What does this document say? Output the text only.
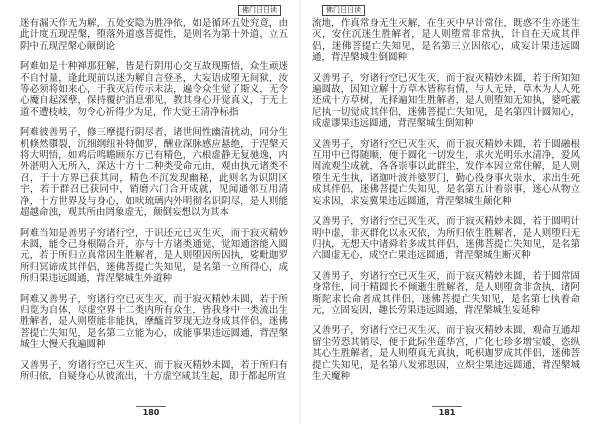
佛门日日读

迷有漏天作无为解，五处安隐为胜净依，如是循环五处究竟，由此计度五现涅槃，堕落外道惑菩提性，是则名为第十外道，立五阴中五现涅槃心颠倒论

阿难如是十种禅那狂解，皆是行阴用心交互故现斯悟，众生顽迷不自忖量，逢此现前以迷为解自言登圣，大妄语成堕无间狱，汝等必须将如来心，于我灭后传示末法，遍令众生觉了斯义，无令心魔自起深孽，保持覆护消息邪见，教其身心开觉真义，于无上道不遭枝岐，勿令心祈得少为足，作大觉王清净标指

阿难彼善男子，修三摩提行阴尽者，诸世间性幽清扰动，同分生机倏然隳裂，沉细纲纽补特伽罗，酬业深脉感应悬绝，于涅槃天将大明悟，如鸡后鸣瞻顾东方已有精色，六根虚静无复驰逸，内外湛明入无所入，深达十方十二种类受命元由，观由执元诸类不召，于十方界已获其同，精色不沉发现幽秘，此则名为识阴区宇，若于群召已获同中，销磨六门合开成就，见闻通邻互用清净，十方世界及与身心，如吠琉璃内外明彻名识阴尽，是人则能超越命浊，观其所由罔象虚无，颠倒妄想以为其本

阿难当知是善男子穷诸行空，于识还元已灭生灭，而于寂灭精妙未圆，能令己身根隔合开，亦与十方诸类通觉，觉知通溶能入圆元，若于所归立真常因生胜解者，是人则堕因所因执，娑毗迦罗所归冥谛成其伴侣，迷佛菩提亡失知见，是名第一立所得心，成所归果违远圆通，背涅槃城生外道种

阿难又善男子，穷诸行空已灭生灭，而于寂灭精妙未圆，若于所归览为自体，尽虚空界十二类内所有众生，皆我身中一类流出生胜解者，是人则堕能非能执，摩醯首罗现无边身成其伴侣，迷佛菩提亡失知见，是名第二立能为心，成能事果违远圆通，背涅槃城生大慢天我遍圆种

又善男子，穷诸行空已灭生灭，而于寂灭精妙未圆，若于所归有所归依，自疑身心从彼流出，十方虚空咸其生起，即于都起所宣

180
佛门日日读

流地，作真常身无生灭解，在生灭中早计常住，既惑不生亦迷生灭，安住沉迷生胜解者，是人则堕常非常执，计自在天成其伴侣，迷佛菩提亡失知见，是名第三立因依心，成妄计果违远圆通，背涅槃城生倒圆种

又善男子，穷诸行空已灭生灭，而于寂灭精妙未圆，若于所知知遍圆故，因知立解十方草木皆称有情，与人无异，草木为人人死还成十方草树，无择遍知生胜解者，是人则堕知无知执，婆吒霰尼执一切觉成其伴侣，迷佛菩提亡失知见，是名第四计圆知心，成虚谬果违远圆通，背涅槃城生倒知种

又善男子，穷诸行空已灭生灭，而于寂灭精妙未圆，若于圆融根互用中已得随顺，便于圆化一切发生，求火光明乐水清净，爱风周流观尘成就，各各崇事以此群尘，发作本因立常住解，是人则堕生无生执，诸迦叶波并婆罗门，勤心役身事火崇水，求出生死成其伴侣，迷佛菩提亡失知见，是名第五计着崇事，迷心从物立妄求因，求妄冀果违远圆通，背涅槃城生颠化种

又善男子，穷诸行空已灭生灭，而于寂灭精妙未圆，若于圆明计明中虚，非灭群化以永灭依，为所归依生胜解者，是人则堕归无归执，无想天中诸舜若多成其伴侣，迷佛菩提亡失知见，是名第六圆虚无心，成空亡果违远圆通，背涅槃城生断灭种

又善男子，穷诸行空已灭生灭，而于寂灭精妙未圆，若于圆常固身常住，同于精圆长不倾逝生胜解者，是人则堕贪非贪执，诸阿斯陀求长命者成其伴侣，迷佛菩提亡失知见，是名第七执着命元，立固妄因，趣长劳果违远圆通，背涅槃城生妄延种

又善男子，穷诸行空已灭生灭，而于寂灭精妙未圆，观命互通却留尘劳恐其销尽，便于此际坐莲华宫，广化七珍多增宝媛，恣纵其心生胜解者，是人则堕真无真执，吒枳迦罗成其伴侣，迷佛菩提亡失知见，是名第八发邪思因，立炽尘果违远圆通，背涅槃城生天魔种

181
